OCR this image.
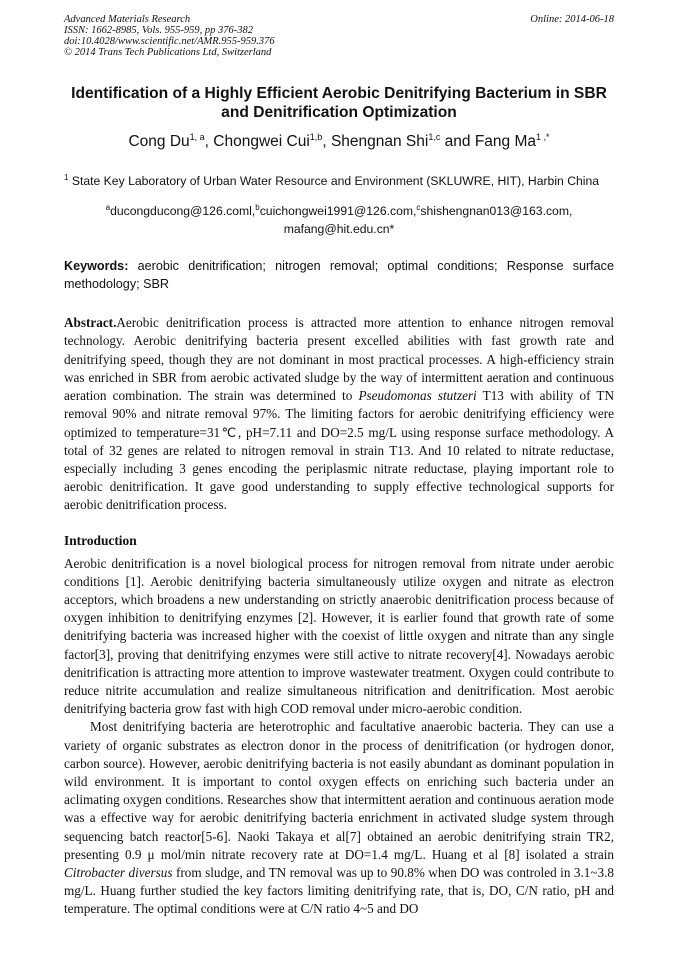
Advanced Materials Research
ISSN: 1662-8985, Vols. 955-959, pp 376-382
doi:10.4028/www.scientific.net/AMR.955-959.376
© 2014 Trans Tech Publications Ltd, Switzerland
Online: 2014-06-18
Identification of a Highly Efficient Aerobic Denitrifying Bacterium in SBR and Denitrification Optimization
Cong Du$^{1, a}$, Chongwei Cui$^{1,b}$, Shengnan Shi$^{1,c}$ and Fang $Ma^{1 ,*}$
$^1$ State Key Laboratory of Urban Water Resource and Environment (SKLUWRE, HIT), Harbin China
$^a$ducongducong@126.coml,$^b$cuichongwei1991@126.com,$^c$shishengnan013@163.com,
mafang@hit.edu.cn*
Keywords: aerobic denitrification; nitrogen removal; optimal conditions; Response surface methodology; SBR
Abstract.Aerobic denitrification process is attracted more attention to enhance nitrogen removal technology. Aerobic denitrifying bacteria present excelled abilities with fast growth rate and denitrifying speed, though they are not dominant in most practical processes. A high-efficiency strain was enriched in SBR from aerobic activated sludge by the way of intermittent aeration and continuous aeration combination. The strain was determined to Pseudomonas stutzeri T13 with ability of TN removal 90% and nitrate removal 97%. The limiting factors for aerobic denitrifying efficiency were optimized to temperature=31℃, pH=7.11 and DO=2.5 mg/L using response surface methodology. A total of 32 genes are related to nitrogen removal in strain T13. And 10 related to nitrate reductase, especially including 3 genes encoding the periplasmic nitrate reductase, playing important role to aerobic denitrification. It gave good understanding to supply effective technological supports for aerobic denitrification process.
Introduction
Aerobic denitrification is a novel biological process for nitrogen removal from nitrate under aerobic conditions [1]. Aerobic denitrifying bacteria simultaneously utilize oxygen and nitrate as electron acceptors, which broadens a new understanding on strictly anaerobic denitrification process because of oxygen inhibition to denitrifying enzymes [2]. However, it is earlier found that growth rate of some denitrifying bacteria was increased higher with the coexist of little oxygen and nitrate than any single factor[3], proving that denitrifying enzymes were still active to nitrate recovery[4]. Nowadays aerobic denitrification is attracting more attention to improve wastewater treatment. Oxygen could contribute to reduce nitrite accumulation and realize simultaneous nitrification and denitrification. Most aerobic denitrifying bacteria grow fast with high COD removal under micro-aerobic condition.
Most denitrifying bacteria are heterotrophic and facultative anaerobic bacteria. They can use a variety of organic substrates as electron donor in the process of denitrification (or hydrogen donor, carbon source). However, aerobic denitrifying bacteria is not easily abundant as dominant population in wild environment. It is important to contol oxygen effects on enriching such bacteria under an aclimating oxygen conditions. Researches show that intermittent aeration and continuous aeration mode was a effective way for aerobic denitrifying bacteria enrichment in activated sludge system through sequencing batch reactor[5-6]. Naoki Takaya et al[7] obtained an aerobic denitrifying strain TR2, presenting 0.9 μ mol/min nitrate recovery rate at DO=1.4 mg/L. Huang et al [8] isolated a strain Citrobacter diversus from sludge, and TN removal was up to 90.8% when DO was controled in 3.1~3.8 mg/L. Huang further studied the key factors limiting denitrifying rate, that is, DO, C/N ratio, pH and temperature. The optimal conditions were at C/N ratio 4~5 and DO
